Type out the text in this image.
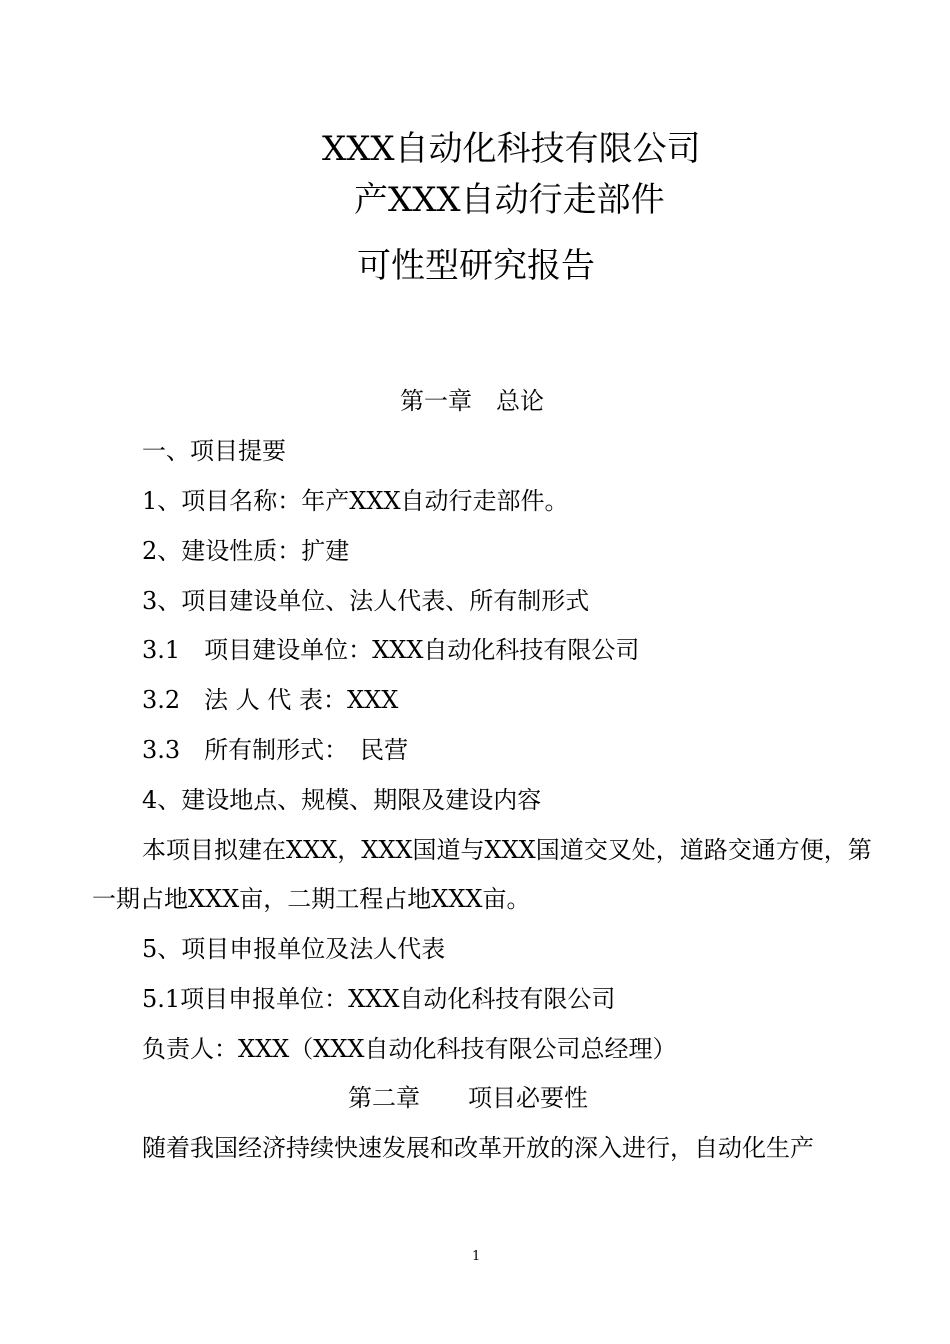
XXX自动化科技有限公司
产XXX自动行走部件
可性型研究报告
第一章　总论
一、项目提要
1、项目名称：年产XXX自动行走部件。
2、建设性质：扩建
3、项目建设单位、法人代表、所有制形式
3.1　项目建设单位：XXX自动化科技有限公司
3.2　法 人 代 表：XXX
3.3　所有制形式：　民营
4、建设地点、规模、期限及建设内容
本项目拟建在XXX，XXX国道与XXX国道交叉处，道路交通方便，第
一期占地XXX亩，二期工程占地XXX亩。
5、项目申报单位及法人代表
5.1项目申报单位：XXX自动化科技有限公司
负责人：XXX（XXX自动化科技有限公司总经理）
第二章　　项目必要性
随着我国经济持续快速发展和改革开放的深入进行，自动化生产
1
